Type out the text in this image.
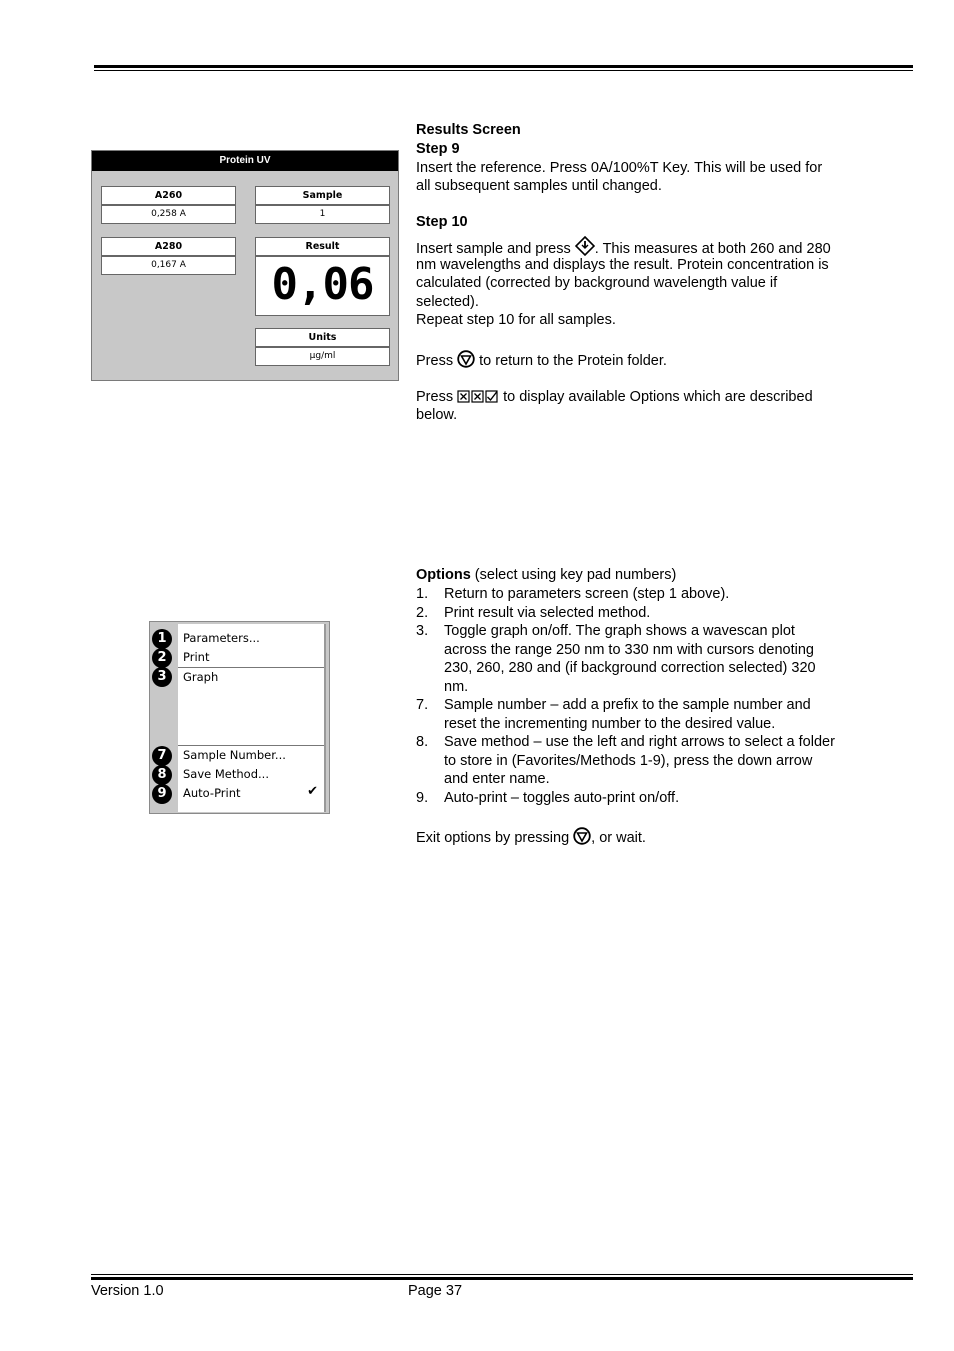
Protein UV
A260
0,258 A
Sample
1
A280
0,167 A
Result
0,06
Units
µg/ml
Results Screen
Step 9
Insert the reference. Press 0A/100%T Key. This will be used for
all subsequent samples until changed.
Step 10
Insert sample and press . This measures at both 260 and 280
nm wavelengths and displays the result. Protein concentration is
calculated (corrected by background wavelength value if
selected).
Repeat step 10 for all samples.
Press  to return to the Protein folder.
Press	to display available Options which are described
below.
Options (select using key pad numbers)
1. Return to parameters screen (step 1 above).
2. Print result via selected method.
3. Toggle graph on/off. The graph shows a wavescan plot
across the range 250 nm to 330 nm with cursors denoting
230, 260, 280 and (if background correction selected) 320
nm.
7. Sample number – add a prefix to the sample number and
reset the incrementing number to the desired value.
8. Save method – use the left and right arrows to select a folder
to store in (Favorites/Methods 1-9), press the down arrow
and enter name.
9. Auto-print – toggles auto-print on/off.
Exit options by pressing , or wait.
1
2
3
7
8
9
Parameters...
Print
Graph
Sample Number...
Save Method...
Auto-Print	✔
Version 1.0	Page 37
